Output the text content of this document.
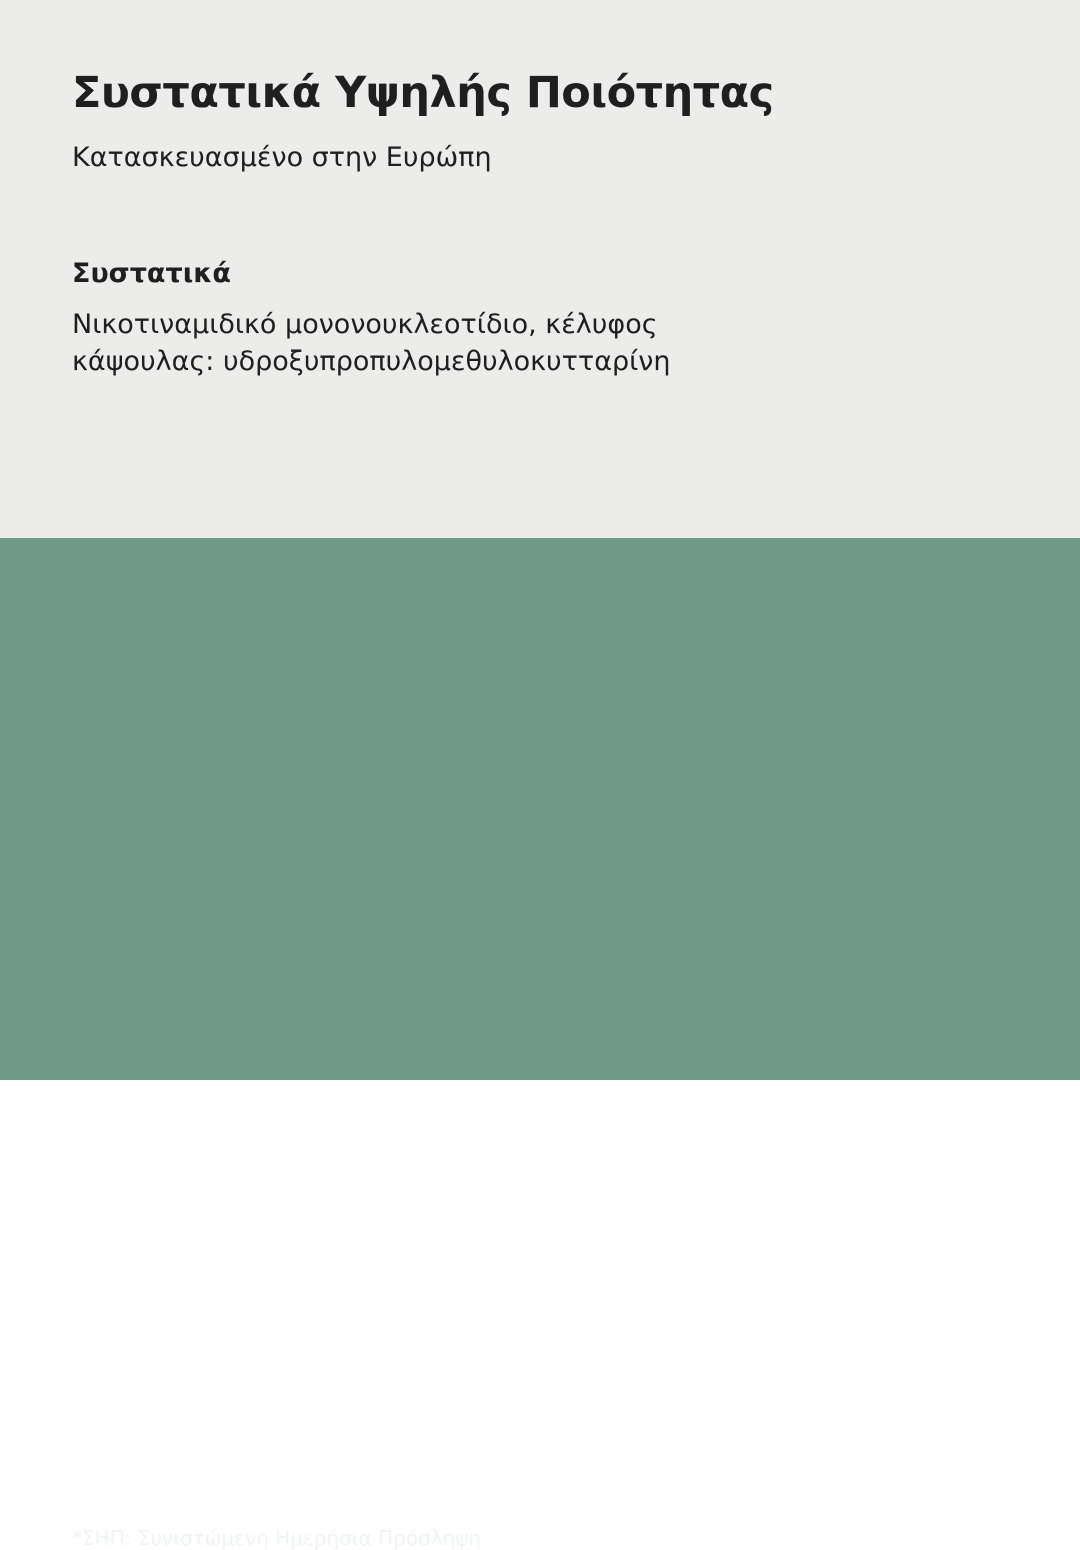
Συστατικά Υψηλής Ποιότητας
Κατασκευασμένο στην Ευρώπη
Συστατικά
Νικοτιναμιδικό μονονουκλεοτίδιο, κέλυφος κάψουλας: υδροξυπροπυλομεθυλοκυτταρίνη
ανά μερίδα (500 γρ.) %ΣΗΠ*
Νικοτιναμίδιο μονονουκλεοτίδιο	500mg	**
*ΣΗΠ: Συνιστώμενη Ημερήσια Πρόσληψη
